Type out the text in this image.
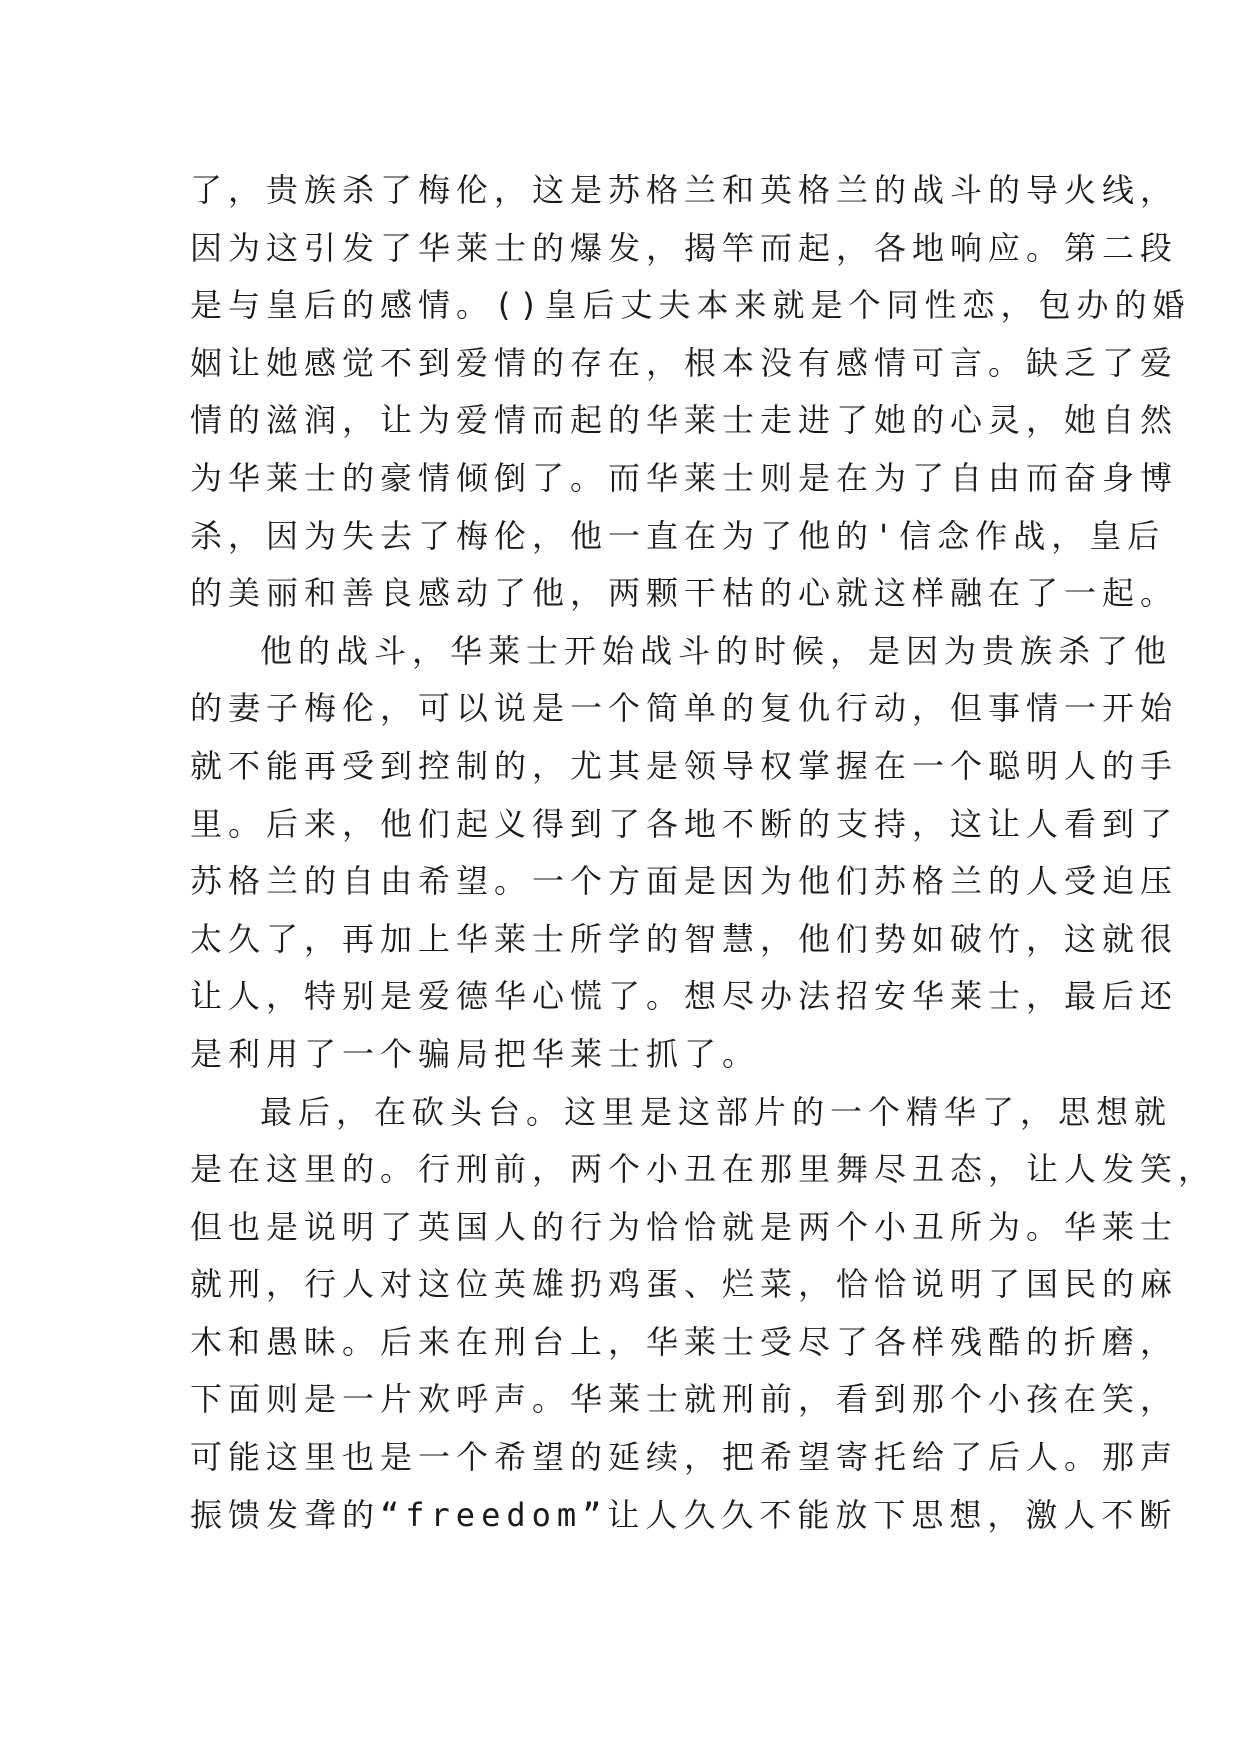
了，贵族杀了梅伦，这是苏格兰和英格兰的战斗的导火线，
因为这引发了华莱士的爆发，揭竿而起，各地响应。第二段
是与皇后的感情。()皇后丈夫本来就是个同性恋，包办的婚
姻让她感觉不到爱情的存在，根本没有感情可言。缺乏了爱
情的滋润，让为爱情而起的华莱士走进了她的心灵，她自然
为华莱士的豪情倾倒了。而华莱士则是在为了自由而奋身博
杀，因为失去了梅伦，他一直在为了他的'信念作战，皇后
的美丽和善良感动了他，两颗干枯的心就这样融在了一起。
他的战斗，华莱士开始战斗的时候，是因为贵族杀了他
的妻子梅伦，可以说是一个简单的复仇行动，但事情一开始
就不能再受到控制的，尤其是领导权掌握在一个聪明人的手
里。后来，他们起义得到了各地不断的支持，这让人看到了
苏格兰的自由希望。一个方面是因为他们苏格兰的人受迫压
太久了，再加上华莱士所学的智慧，他们势如破竹，这就很
让人，特别是爱德华心慌了。想尽办法招安华莱士，最后还
是利用了一个骗局把华莱士抓了。
最后，在砍头台。这里是这部片的一个精华了，思想就
是在这里的。行刑前，两个小丑在那里舞尽丑态，让人发笑，
但也是说明了英国人的行为恰恰就是两个小丑所为。华莱士
就刑，行人对这位英雄扔鸡蛋、烂菜，恰恰说明了国民的麻
木和愚昧。后来在刑台上，华莱士受尽了各样残酷的折磨，
下面则是一片欢呼声。华莱士就刑前，看到那个小孩在笑，
可能这里也是一个希望的延续，把希望寄托给了后人。那声
振馈发聋的“freedom”让人久久不能放下思想，激人不断
